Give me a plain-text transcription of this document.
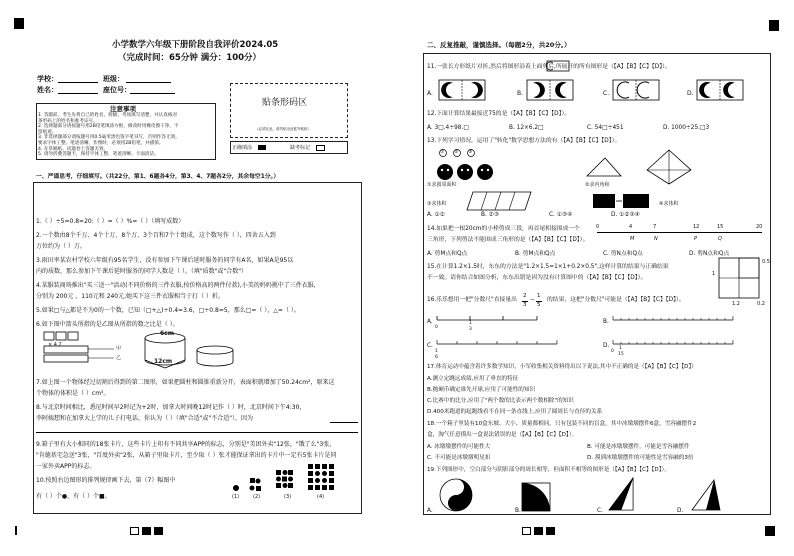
小学数学六年级下册阶段自我评价2024.05
（完成时间：65分钟 满分：100分）
学校：	班级：
姓名：	座位号：
注意事项
1. 答题前，考生先将自己的姓名、班级、考场填写清楚，并认真核对
条形码上的姓名和准考证号。
2. 选择题部分请按题号用2B铅笔填涂方框，修改时用橡皮擦干净，不
留痕迹。
3. 非选择题部分请按题号用0.5毫米黑色签字笔书写，否则作答无效。
要求字体工整、笔迹清晰。作图时，必须用2B铅笔，并描浓。
4. 在草稿纸、试题卷上答题无效。
5. 请勿折叠答题卡，保持字体工整、笔迹清晰、卡面清洁。
贴条形码区
（必须在此，请勿贴出此框外粘贴）
正确填涂	缺考标记
一、严谨思考，仔细填写。（共22分，第1、6题各4分，第3、4、7题各2分，其余每空1分。）
1.（ ）÷5=0.8=20:（ ）=（ ）%=（ ）（填写成数）
2.一个数由8个千万、4个十万、8个万、3个百和7个十组成，这个数写作（ ），四舍五入到
万位约为（ ）万。
3.雨田率某农村学校六年级有95名学生，没有参加下午课后延时服务的同学有A名，如果A是95以
内的质数，那么参加下午课后延时服务的同学人数是（ ）。（填"质数"或"合数"）
4.某服装商场推出"买三送一"活动(不同价格的三件衣服,按价格高的两件付款),小美的妈妈挑中了三件衣服,
分别为 200元 、110元和 240元,她买下这三件衣服相当于打（ ）折。
5.如果□与△都是不为0的一个数，已知（□+△)÷0.4=3.6，□÷0.8=5，那么□=（ ），△=（ ）。
6.如下图中箭头所指的是乙图从所指的数之比是（ ）。
× 4 2
甲
乙
6cm
12cm
7.如上图一个物体经过切割后得到的第二图形，如果把圆柱和圆锥重新分开，表面积就增加了50.24cm²，原来这
个物体的体积是（ ）cm³。
8.与北京时间相比，悉尼时间早2时记为+2时，加拿大时间晚12时记作（ ）时，北京时间下午4:30，
李阿姨想和在加拿大上学的儿子打电话，你认为（ ）（填"合适"或"不合适"），因为
9.箱子里有大小相同的18张卡片，这些卡片上印有不同共享APP的标志，分别是"美团外卖"12张，"饿了么"3张，
"肯德基宅急送"3张，"百度外卖"2张，从箱子里取卡片，至少取（ ）张才能保证拿出的卡片中一定有5张卡片是同
一家外卖APP的标志。
10.按照右边图形的排列规律画下去，第（7）幅图中
有（ ）个●，有（ ）个■。	(1)	(2)	(3)	(4)
二、反复推敲，谨慎选择。（每题2分，共20分。）
11.一张长方形纸片对折,然后将图形沿着上面剪后,所展开的所有图形是（【A】【B】【C】【D】）。
A.	B.	C.	D.
12.下面计算结果最接近75的是（【A】【B】【C】【D】）。
A. 3□.4÷98.□	B. 12×6.2□	C. 54□÷451	D. 1000÷25.□3
13.下列学习情况，运用了"转化"数学思想方法的有（【A】【B】【C】【D】）。
① ② ③
①求圆周面积	②求内角和
③求体积	④求体积
A. ①②	B. ②③	C. ①③④	D. ①②③④
14.如果把一根20cm的小棒剪成三段，再首尾相接围成一个
三角形，下列剪法不能围成三角形的是（【A】【B】【C】【D】）。
0	4	7	12	15	20
M	N	P	Q
A. 剪M点和Q点	B. 剪M点和Q点	C. 剪N点和Q点	D. 剪N点和Q点
15.在计算1.2×1.5时，东东的方法是"1.2×1.5=1×1+0.2×0.5",这样计算的结果与正确结果
不一致。请你结合如图分析，东东出错是因为没有计算图中的（【A】【B】【C】【D】）。
1
0.5
1.2	0.2
16.乐乐想用一把"分数尺"直接量出
2
3
−
1
5
的结果，这把"分数尺"可能是（【A】【B】【C】【D】）。
A.
0
1
3
B.
C.
1
6
D.
0
1
15
17.体育运动中蕴含着许多数学知识，小军收集相关资料得出以下说法,其中不正确的是（【A】【B】【C】【D】）
A.测立定跳远成绩,应用了垂直的特征
B.抛硬币确定谁先开球,应用了可能性的知识
C.比赛中的比分,应用了"两个数的比表示两个数相除"的知识
D.400米跑道的起跑线看不在同一条直线上,应用了圆周长与直径的关系
18.一个箱子里装有10盒东坡、大小、质量都相同，只有包装不同的盲盒，其中冰墩墩摆件6盒，雪容融摆件2
盒，淘气任意摸出一盒说法错误的是（【A】【B】【C】【D】）。
A. 冰墩墩摆件的可能性大	B. 可能是冰墩墩摆件，可能是雪容融摆件
C. 不可能是冰墩墩明星扣	D. 摸到冰墩墩摆件的可能性是雪容融的3倍
19.下列图形中，空白部分与阴影部分的周长相等，但面积不相等的图形是（【A】【B】【C】【D】）。
A.	B.	C.	D.
